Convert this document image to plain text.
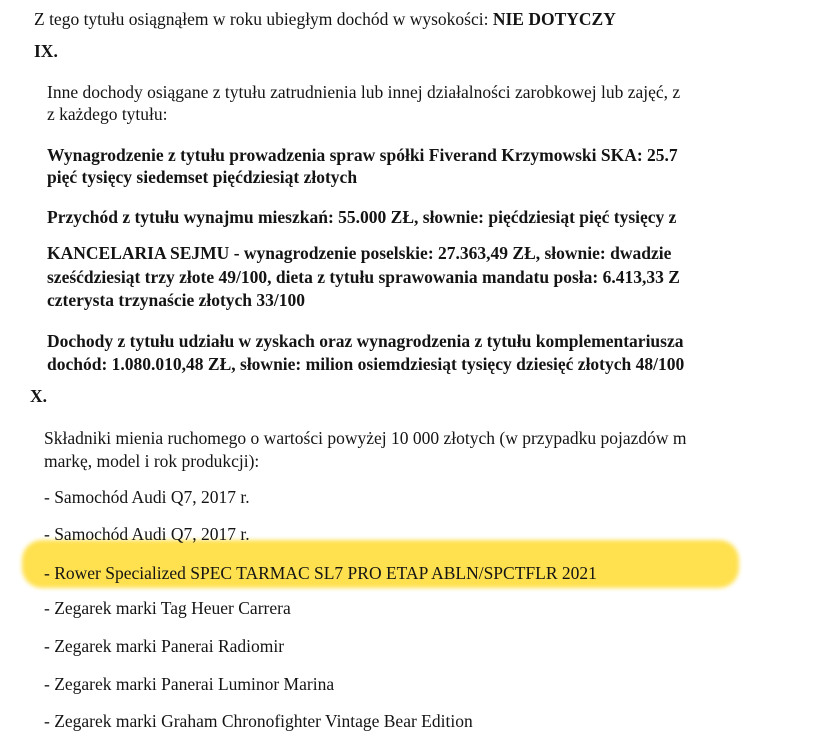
Z tego tytułu osiągnąłem w roku ubiegłym dochód w wysokości: NIE DOTYCZY
IX.
Inne dochody osiągane z tytułu zatrudnienia lub innej działalności zarobkowej lub zajęć, z
z każdego tytułu:
Wynagrodzenie z tytułu prowadzenia spraw spółki Fiverand Krzymowski SKA: 25.7
pięć tysięcy siedemset pięćdziesiąt złotych
Przychód z tytułu wynajmu mieszkań: 55.000 ZŁ, słownie: pięćdziesiąt pięć tysięcy z
KANCELARIA SEJMU - wynagrodzenie poselskie: 27.363,49 ZŁ, słownie: dwadzie
sześćdziesiąt trzy złote 49/100, dieta z tytułu sprawowania mandatu posła: 6.413,33 Z
czterysta trzynaście złotych 33/100
Dochody z tytułu udziału w zyskach oraz wynagrodzenia z tytułu komplementariusza
dochód: 1.080.010,48 ZŁ, słownie: milion osiemdziesiąt tysięcy dziesięć złotych 48/100
X.
Składniki mienia ruchomego o wartości powyżej 10 000 złotych (w przypadku pojazdów m
markę, model i rok produkcji):
- Samochód Audi Q7, 2017 r.
- Samochód Audi Q7, 2017 r.
- Rower Specialized SPEC TARMAC SL7 PRO ETAP ABLN/SPCTFLR 2021
- Zegarek marki Tag Heuer Carrera
- Zegarek marki Panerai Radiomir
- Zegarek marki Panerai Luminor Marina
- Zegarek marki Graham Chronofighter Vintage Bear Edition
